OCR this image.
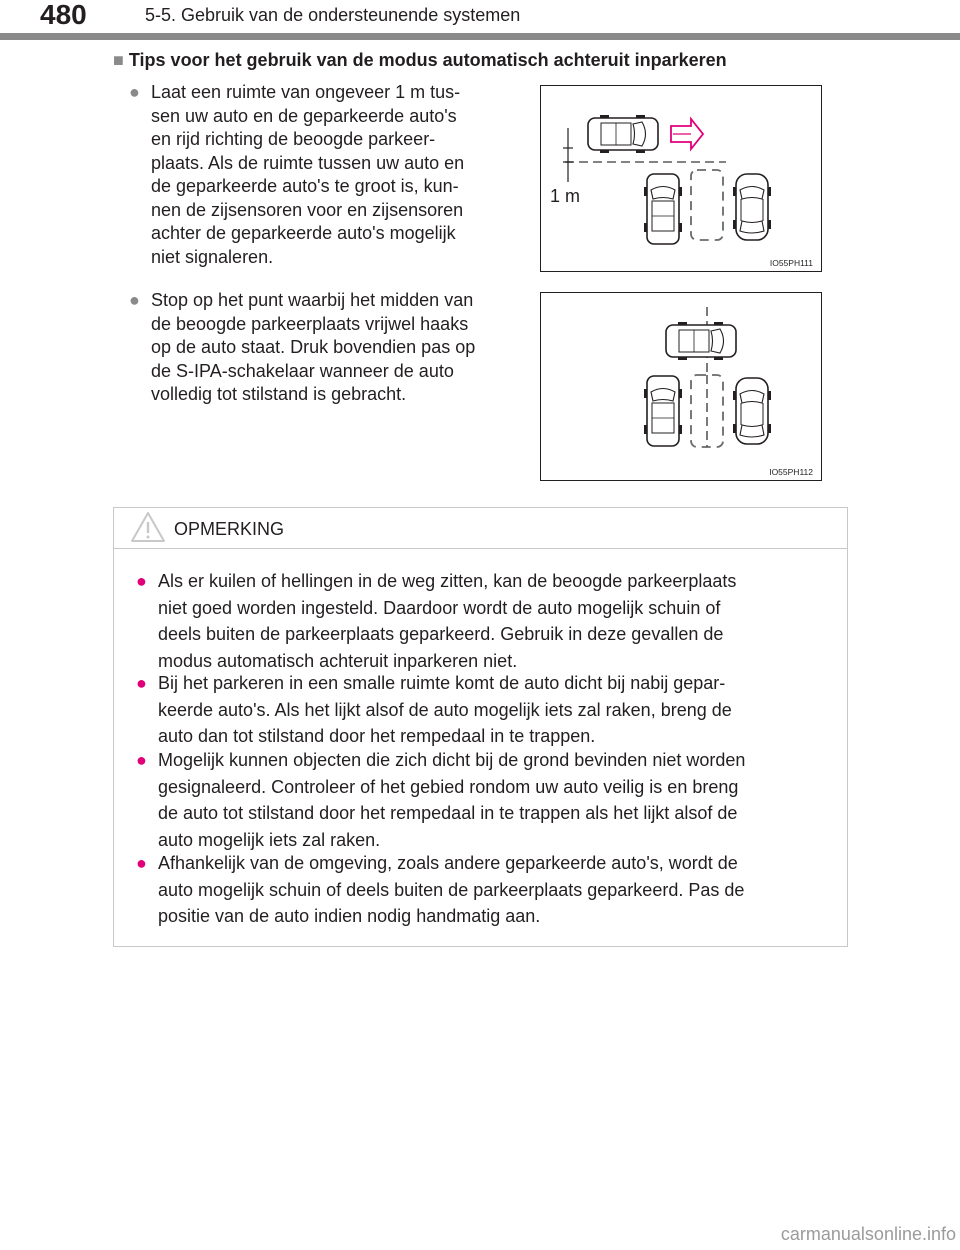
480	5-5. Gebruik van de ondersteunende systemen
■ Tips voor het gebruik van de modus automatisch achteruit inparkeren
● Laat een ruimte van ongeveer 1 m tus-
sen uw auto en de geparkeerde auto's
en rijd richting de beoogde parkeer-
plaats. Als de ruimte tussen uw auto en
de geparkeerde auto's te groot is, kun-
nen de zijsensoren voor en zijsensoren
achter de geparkeerde auto's mogelijk
niet signaleren.
● Stop op het punt waarbij het midden van
de beoogde parkeerplaats vrijwel haaks
op de auto staat. Druk bovendien pas op
de S-IPA-schakelaar wanneer de auto
volledig tot stilstand is gebracht.
1 m
IO55PH111
IO55PH112
OPMERKING
● Als er kuilen of hellingen in de weg zitten, kan de beoogde parkeerplaats
niet goed worden ingesteld. Daardoor wordt de auto mogelijk schuin of
deels buiten de parkeerplaats geparkeerd. Gebruik in deze gevallen de
modus automatisch achteruit inparkeren niet.
● Bij het parkeren in een smalle ruimte komt de auto dicht bij nabij gepar-
keerde auto's. Als het lijkt alsof de auto mogelijk iets zal raken, breng de
auto dan tot stilstand door het rempedaal in te trappen.
● Mogelijk kunnen objecten die zich dicht bij de grond bevinden niet worden
gesignaleerd. Controleer of het gebied rondom uw auto veilig is en breng
de auto tot stilstand door het rempedaal in te trappen als het lijkt alsof de
auto mogelijk iets zal raken.
● Afhankelijk van de omgeving, zoals andere geparkeerde auto's, wordt de
auto mogelijk schuin of deels buiten de parkeerplaats geparkeerd. Pas de
positie van de auto indien nodig handmatig aan.
carmanualsonline.info
